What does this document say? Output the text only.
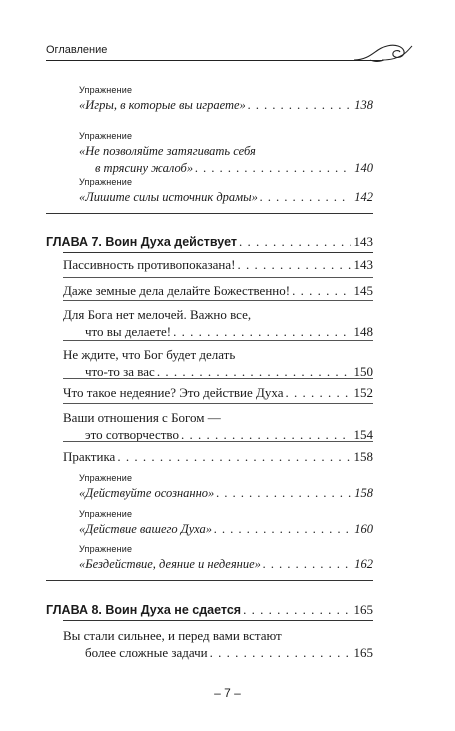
Оглавление
Упражнение
«Игры, в которые вы играете» . . .	138
Упражнение
«Не позволяйте затягивать себя
в трясину жалоб» . . .	140
Упражнение
«Лишите силы источник драмы» . . .	142
ГЛАВА 7. Воин Духа действует . . .	143
Пассивность противопоказана! . . .	143
Даже земные дела делайте Божественно! . . .	145
Для Бога нет мелочей. Важно все,
что вы делаете! . . .	148
Не ждите, что Бог будет делать
что-то за вас . . .	150
Что такое недеяние? Это действие Духа . . .	152
Ваши отношения с Богом —
это сотворчество . . .	154
Практика . . .	158
Упражнение
«Действуйте осознанно» . . .	158
Упражнение
«Действие вашего Духа» . . .	160
Упражнение
«Бездействие, деяние и недеяние» . . .	162
ГЛАВА 8. Воин Духа не сдается . . .	165
Вы стали сильнее, и перед вами встают
более сложные задачи . . .	165
– 7 –
